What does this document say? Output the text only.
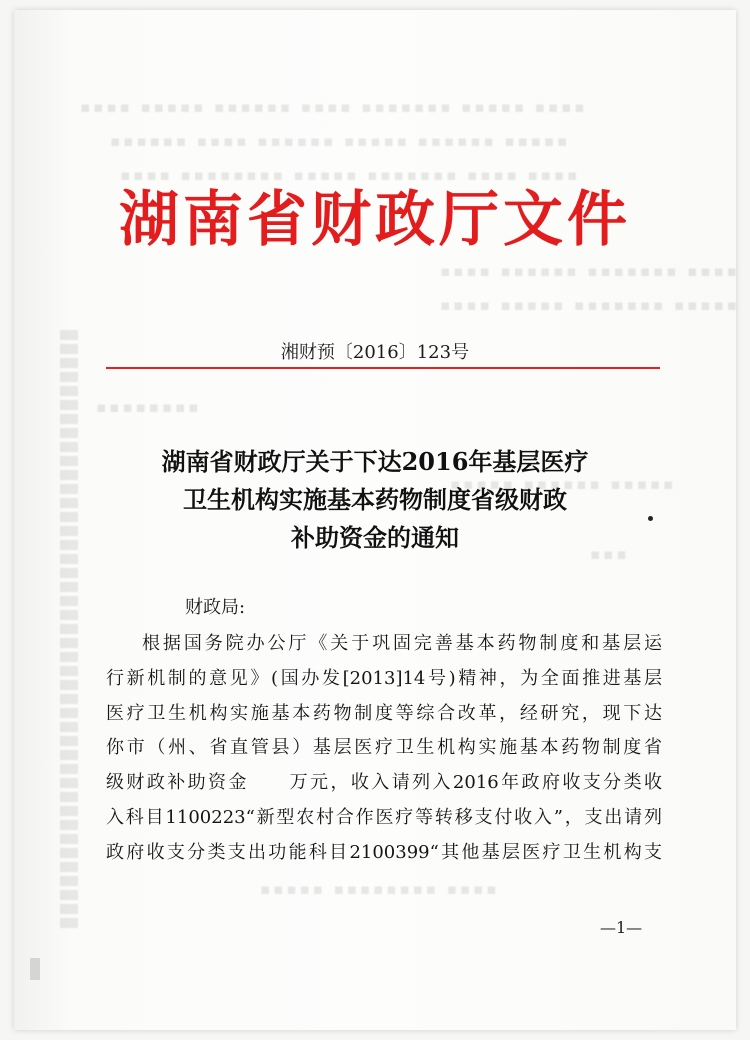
▪▪▪▪ ▪▪▪▪▪ ▪▪▪▪▪▪ ▪▪▪▪ ▪▪▪▪▪▪▪ ▪▪▪▪▪ ▪▪▪▪
▪▪▪▪▪▪ ▪▪▪▪ ▪▪▪▪▪▪ ▪▪▪▪▪ ▪▪▪▪▪▪ ▪▪▪▪▪
▪▪▪▪ ▪▪▪▪▪▪▪▪ ▪▪▪▪▪ ▪▪▪▪▪▪▪ ▪▪▪▪ ▪▪▪▪
▪▪▪▪ ▪▪▪▪▪▪ ▪▪▪▪▪▪▪ ▪▪▪▪
▪▪▪▪ ▪▪▪▪▪ ▪▪▪▪▪▪▪ ▪▪▪▪▪
▪▪▪▪▪▪▪▪
▪▪▪▪▪ ▪▪▪▪▪▪ ▪▪▪▪▪
▪▪▪
▪▪▪▪▪ ▪▪▪▪▪▪▪▪ ▪▪▪▪
湖南省财政厅文件
湘财预〔2016〕123号
湖南省财政厅关于下达2016年基层医疗
卫生机构实施基本药物制度省级财政
补助资金的通知
财政局:
根据国务院办公厅《关于巩固完善基本药物制度和基层运
行新机制的意见》(国办发[2013]14号)精神，为全面推进基层
医疗卫生机构实施基本药物制度等综合改革，经研究，现下达
你市（州、省直管县）基层医疗卫生机构实施基本药物制度省
级财政补助资金　　万元，收入请列入2016年政府收支分类收
入科目1100223“新型农村合作医疗等转移支付收入”，支出请列
政府收支分类支出功能科目2100399“其他基层医疗卫生机构支
—1—
